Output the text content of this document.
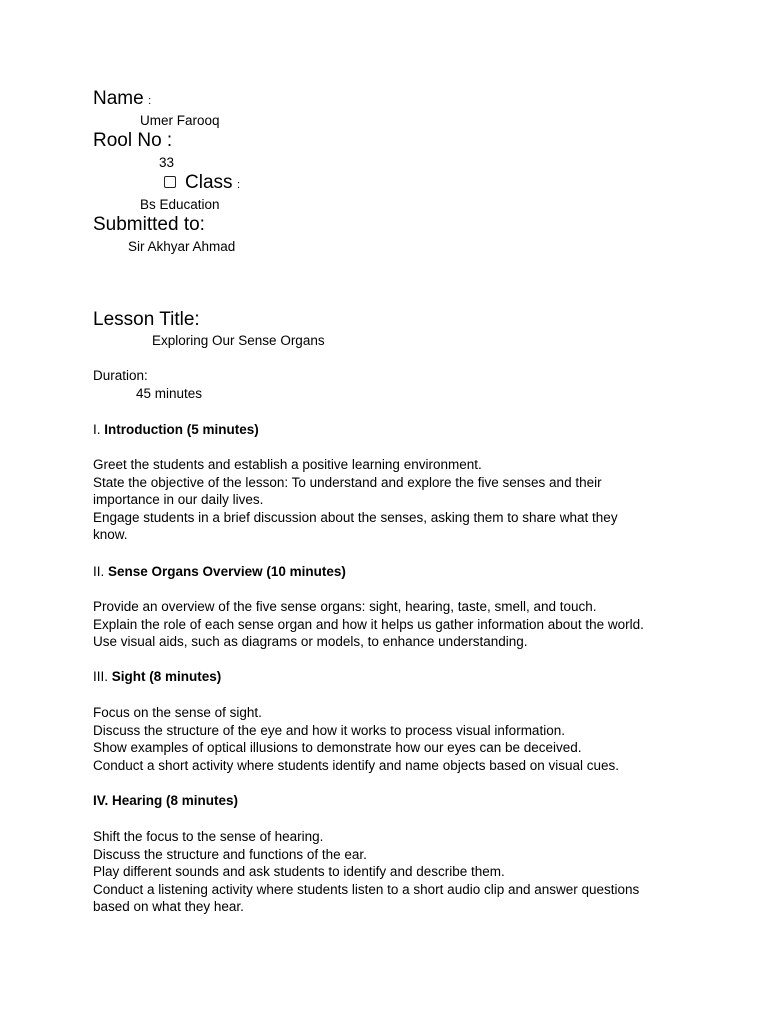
Name :
Umer Farooq
Rool No :
33
Class :
Bs Education
Submitted to:
Sir Akhyar Ahmad
Lesson Title:
Exploring Our Sense Organs
Duration:
45 minutes
I. Introduction (5 minutes)
Greet the students and establish a positive learning environment.
State the objective of the lesson: To understand and explore the five senses and their
importance in our daily lives.
Engage students in a brief discussion about the senses, asking them to share what they
know.
II. Sense Organs Overview (10 minutes)
Provide an overview of the five sense organs: sight, hearing, taste, smell, and touch.
Explain the role of each sense organ and how it helps us gather information about the world.
Use visual aids, such as diagrams or models, to enhance understanding.
III. Sight (8 minutes)
Focus on the sense of sight.
Discuss the structure of the eye and how it works to process visual information.
Show examples of optical illusions to demonstrate how our eyes can be deceived.
Conduct a short activity where students identify and name objects based on visual cues.
IV. Hearing (8 minutes)
Shift the focus to the sense of hearing.
Discuss the structure and functions of the ear.
Play different sounds and ask students to identify and describe them.
Conduct a listening activity where students listen to a short audio clip and answer questions
based on what they hear.
